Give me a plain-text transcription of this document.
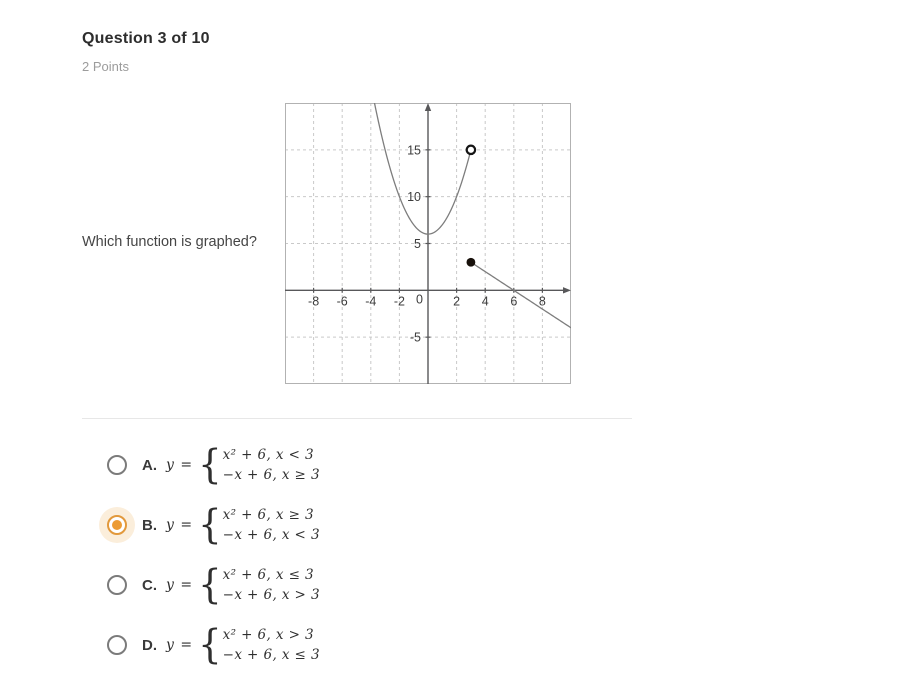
Question 3 of 10
2 Points
Which function is graphed?
-8 -6 -4 -2	2 4 6 8
15
10
5
-5
0
A. y = { x² + 6, x < 3
−x + 6, x ≥ 3
B. y = { x² + 6, x ≥ 3
−x + 6, x < 3
C. y = { x² + 6, x ≤ 3
−x + 6, x > 3
D. y = { x² + 6, x > 3
−x + 6, x ≤ 3
